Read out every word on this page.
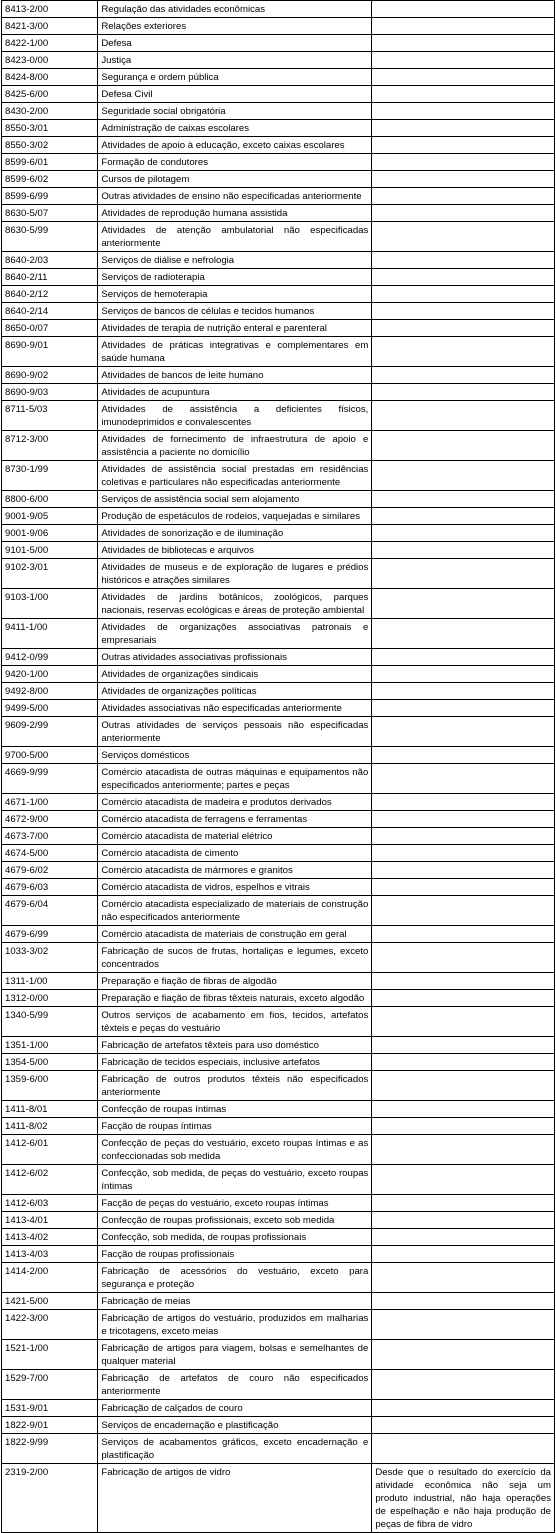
8413-2/00	Regulação das atividades econômicas	
8421-3/00	Relações exteriores	
8422-1/00	Defesa	
8423-0/00	Justiça	
8424-8/00	Segurança e ordem pública	
8425-6/00	Defesa Civil	
8430-2/00	Seguridade social obrigatória	
8550-3/01	Administração de caixas escolares	
8550-3/02	Atividades de apoio à educação, exceto caixas escolares	
8599-6/01	Formação de condutores	
8599-6/02	Cursos de pilotagem	
8599-6/99	Outras atividades de ensino não especificadas anteriormente	
8630-5/07	Atividades de reprodução humana assistida	
8630-5/99	Atividades de atenção ambulatorial não especificadas anteriormente	
8640-2/03	Serviços de diálise e nefrologia	
8640-2/11	Serviços de radioterapia	
8640-2/12	Serviços de hemoterapia	
8640-2/14	Serviços de bancos de células e tecidos humanos	
8650-0/07	Atividades de terapia de nutrição enteral e parenteral	
8690-9/01	Atividades de práticas integrativas e complementares em saúde humana	
8690-9/02	Atividades de bancos de leite humano	
8690-9/03	Atividades de acupuntura	
8711-5/03	Atividades de assistência a deficientes físicos, imunodeprimidos e convalescentes	
8712-3/00	Atividades de fornecimento de infraestrutura de apoio e assistência a paciente no domicílio	
8730-1/99	Atividades de assistência social prestadas em residências coletivas e particulares não especificadas anteriormente	
8800-6/00	Serviços de assistência social sem alojamento	
9001-9/05	Produção de espetáculos de rodeios, vaquejadas e similares	
9001-9/06	Atividades de sonorização e de iluminação	
9101-5/00	Atividades de bibliotecas e arquivos	
9102-3/01	Atividades de museus e de exploração de lugares e prédios históricos e atrações similares	
9103-1/00	Atividades de jardins botânicos, zoológicos, parques nacionais, reservas ecológicas e áreas de proteção ambiental	
9411-1/00	Atividades de organizações associativas patronais e empresariais	
9412-0/99	Outras atividades associativas profissionais	
9420-1/00	Atividades de organizações sindicais	
9492-8/00	Atividades de organizações políticas	
9499-5/00	Atividades associativas não especificadas anteriormente	
9609-2/99	Outras atividades de serviços pessoais não especificadas anteriormente	
9700-5/00	Serviços domésticos	
4669-9/99	Comércio atacadista de outras máquinas e equipamentos não especificados anteriormente; partes e peças	
4671-1/00	Comércio atacadista de madeira e produtos derivados	
4672-9/00	Comércio atacadista de ferragens e ferramentas	
4673-7/00	Comércio atacadista de material elétrico	
4674-5/00	Comércio atacadista de cimento	
4679-6/02	Comércio atacadista de mármores e granitos	
4679-6/03	Comércio atacadista de vidros, espelhos e vitrais	
4679-6/04	Comércio atacadista especializado de materiais de construção não especificados anteriormente	
4679-6/99	Comércio atacadista de materiais de construção em geral	
1033-3/02	Fabricação de sucos de frutas, hortaliças e legumes, exceto concentrados	
1311-1/00	Preparação e fiação de fibras de algodão	
1312-0/00	Preparação e fiação de fibras têxteis naturais, exceto algodão	
1340-5/99	Outros serviços de acabamento em fios, tecidos, artefatos têxteis e peças do vestuário	
1351-1/00	Fabricação de artefatos têxteis para uso doméstico	
1354-5/00	Fabricação de tecidos especiais, inclusive artefatos	
1359-6/00	Fabricação de outros produtos têxteis não especificados anteriormente	
1411-8/01	Confecção de roupas íntimas	
1411-8/02	Facção de roupas íntimas	
1412-6/01	Confecção de peças do vestuário, exceto roupas íntimas e as confeccionadas sob medida	
1412-6/02	Confecção, sob medida, de peças do vestuário, exceto roupas íntimas	
1412-6/03	Facção de peças do vestuário, exceto roupas íntimas	
1413-4/01	Confecção de roupas profissionais, exceto sob medida	
1413-4/02	Confecção, sob medida, de roupas profissionais	
1413-4/03	Facção de roupas profissionais	
1414-2/00	Fabricação de acessórios do vestuário, exceto para segurança e proteção	
1421-5/00	Fabricação de meias	
1422-3/00	Fabricação de artigos do vestuário, produzidos em malharias e tricotagens, exceto meias	
1521-1/00	Fabricação de artigos para viagem, bolsas e semelhantes de qualquer material	
1529-7/00	Fabricação de artefatos de couro não especificados anteriormente	
1531-9/01	Fabricação de calçados de couro	
1822-9/01	Serviços de encadernação e plastificação	
1822-9/99	Serviços de acabamentos gráficos, exceto encadernação e plastificação	
2319-2/00	Fabricação de artigos de vidro	Desde que o resultado do exercício da atividade econômica não seja um produto industrial, não haja operações de espelhação e não haja produção de peças de fibra de vidro
